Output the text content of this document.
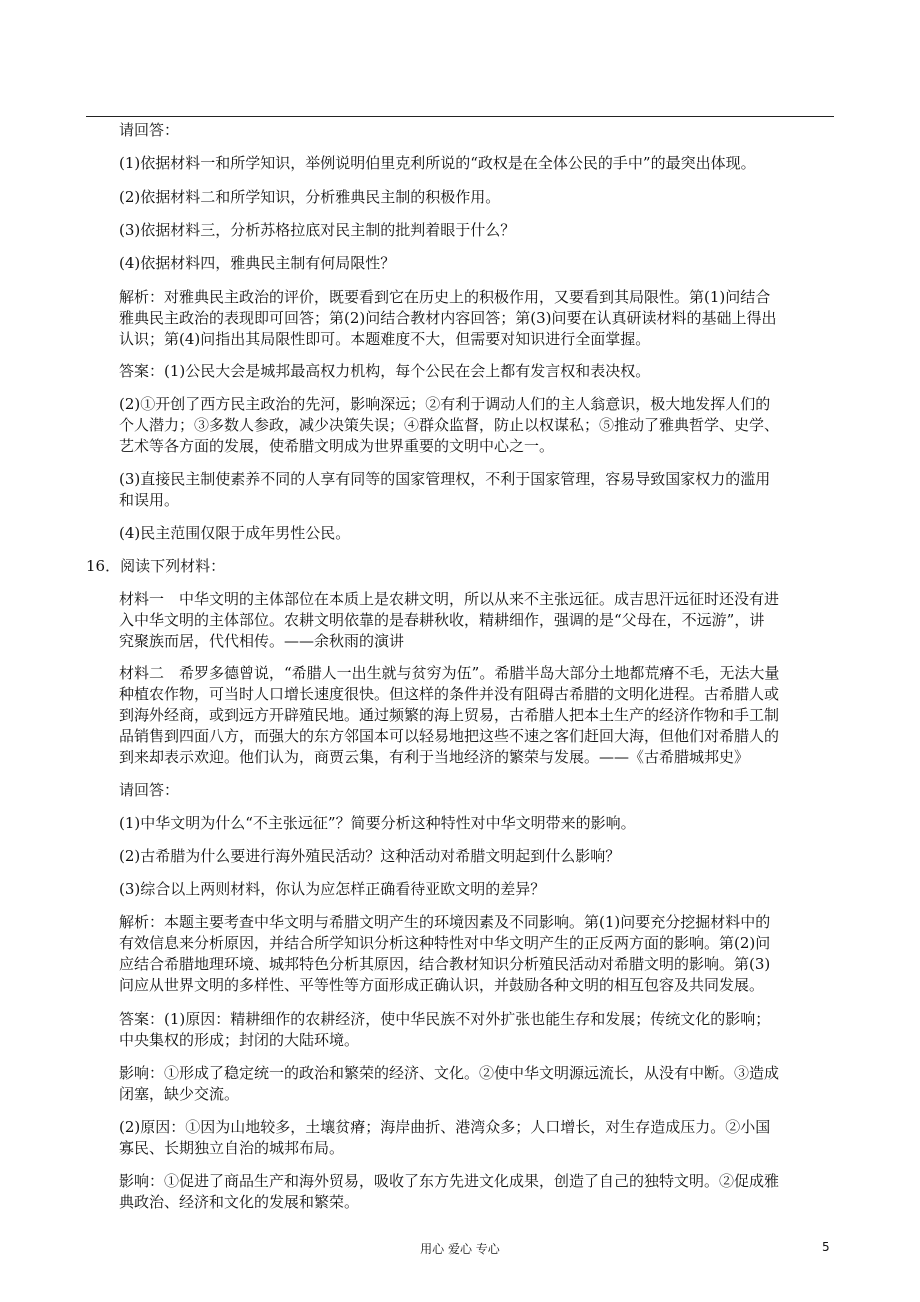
请回答：
(1)依据材料一和所学知识，举例说明伯里克利所说的“政权是在全体公民的手中”的最突出体现。
(2)依据材料二和所学知识，分析雅典民主制的积极作用。
(3)依据材料三，分析苏格拉底对民主制的批判着眼于什么？
(4)依据材料四，雅典民主制有何局限性？
解析：对雅典民主政治的评价，既要看到它在历史上的积极作用，又要看到其局限性。第(1)问结合
雅典民主政治的表现即可回答；第(2)问结合教材内容回答；第(3)问要在认真研读材料的基础上得出
认识；第(4)问指出其局限性即可。本题难度不大，但需要对知识进行全面掌握。
答案：(1)公民大会是城邦最高权力机构，每个公民在会上都有发言权和表决权。
(2)①开创了西方民主政治的先河，影响深远；②有利于调动人们的主人翁意识，极大地发挥人们的
个人潜力；③多数人参政，减少决策失误；④群众监督，防止以权谋私；⑤推动了雅典哲学、史学、
艺术等各方面的发展，使希腊文明成为世界重要的文明中心之一。
(3)直接民主制使素养不同的人享有同等的国家管理权，不利于国家管理，容易导致国家权力的滥用
和误用。
(4)民主范围仅限于成年男性公民。
16．阅读下列材料：
材料一　中华文明的主体部位在本质上是农耕文明，所以从来不主张远征。成吉思汗远征时还没有进
入中华文明的主体部位。农耕文明依靠的是春耕秋收，精耕细作，强调的是“父母在，不远游”，讲
究聚族而居，代代相传。——余秋雨的演讲
材料二　希罗多德曾说，“希腊人一出生就与贫穷为伍”。希腊半岛大部分土地都荒瘠不毛，无法大量
种植农作物，可当时人口增长速度很快。但这样的条件并没有阻碍古希腊的文明化进程。古希腊人或
到海外经商，或到远方开辟殖民地。通过频繁的海上贸易，古希腊人把本土生产的经济作物和手工制
品销售到四面八方，而强大的东方邻国本可以轻易地把这些不速之客们赶回大海，但他们对希腊人的
到来却表示欢迎。他们认为，商贾云集，有利于当地经济的繁荣与发展。——《古希腊城邦史》
请回答：
(1)中华文明为什么“不主张远征”？简要分析这种特性对中华文明带来的影响。
(2)古希腊为什么要进行海外殖民活动？这种活动对希腊文明起到什么影响？
(3)综合以上两则材料，你认为应怎样正确看待亚欧文明的差异？
解析：本题主要考查中华文明与希腊文明产生的环境因素及不同影响。第(1)问要充分挖掘材料中的
有效信息来分析原因，并结合所学知识分析这种特性对中华文明产生的正反两方面的影响。第(2)问
应结合希腊地理环境、城邦特色分析其原因，结合教材知识分析殖民活动对希腊文明的影响。第(3)
问应从世界文明的多样性、平等性等方面形成正确认识，并鼓励各种文明的相互包容及共同发展。
答案：(1)原因：精耕细作的农耕经济，使中华民族不对外扩张也能生存和发展；传统文化的影响；
中央集权的形成；封闭的大陆环境。
影响：①形成了稳定统一的政治和繁荣的经济、文化。②使中华文明源远流长，从没有中断。③造成
闭塞，缺少交流。
(2)原因：①因为山地较多，土壤贫瘠；海岸曲折、港湾众多；人口增长，对生存造成压力。②小国
寡民、长期独立自治的城邦布局。
影响：①促进了商品生产和海外贸易，吸收了东方先进文化成果，创造了自己的独特文明。②促成雅
典政治、经济和文化的发展和繁荣。
用心 爱心 专心	5
